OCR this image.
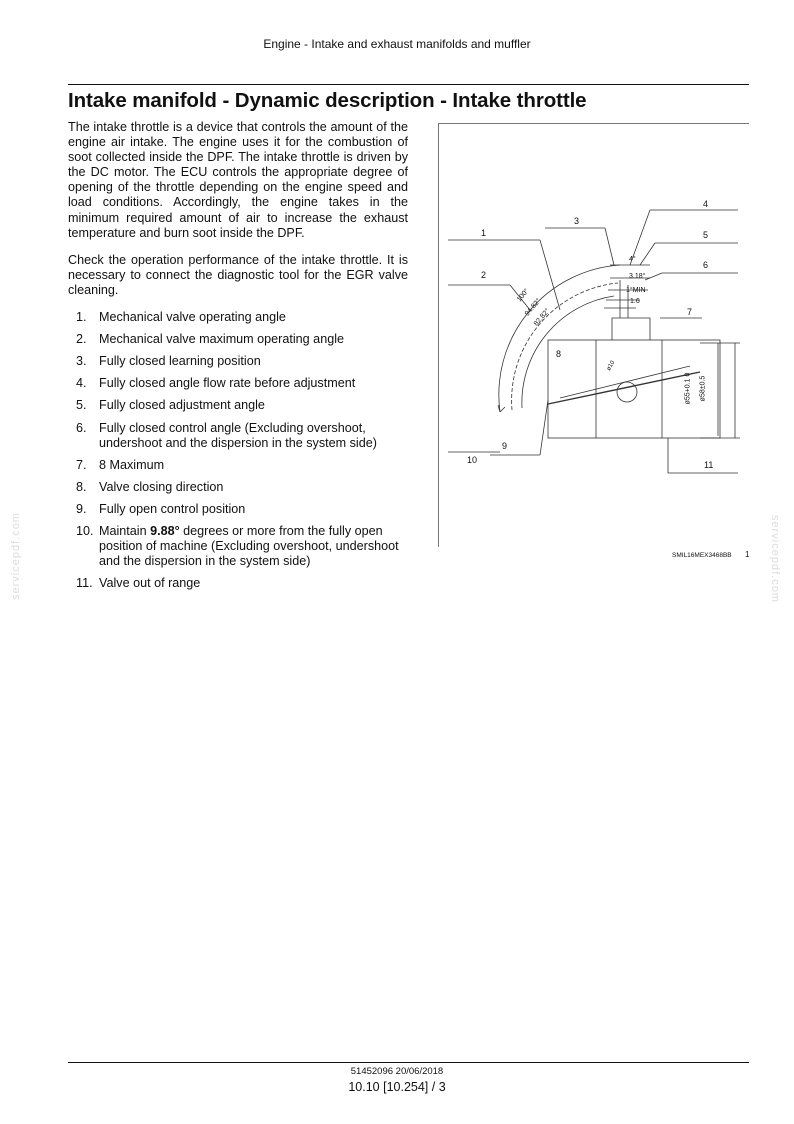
Engine - Intake and exhaust manifolds and muffler
Intake manifold - Dynamic description - Intake throttle

The intake throttle is a device that controls the amount of the engine air intake. The engine uses it for the combustion of soot collected inside the DPF. The intake throttle is driven by the DC motor. The ECU controls the appropriate degree of opening of the throttle depending on the engine speed and load conditions. Accordingly, the engine takes in the minimum required amount of air to increase the exhaust temperature and burn soot inside the DPF.

Check the operation performance of the intake throttle. It is necessary to connect the diagnostic tool for the EGR valve cleaning.

1. Mechanical valve operating angle
2. Mechanical valve maximum operating angle
3. Fully closed learning position
4. Fully closed angle flow rate before adjustment
5. Fully closed adjustment angle
6. Fully closed control angle (Excluding overshoot, undershoot and the dispersion in the system side)
7. 8 Maximum
8. Valve closing direction
9. Fully open control position
10. Maintain 9.88° degrees or more from the fully open position of machine (Excluding overshoot, undershoot and the dispersion in the system side)
11. Valve out of range
1
2
3
4
5
6
7
8
9
10	11
100°
94.82°
82.82°
4°
3.18°
1°MIN
1.6
ø10
ø55+0.1 0 ø58±0.5
SMIL16MEX3468BB 1
servicepdf.com	servicepdf.com
51452096 20/06/2018
10.10 [10.254] / 3
